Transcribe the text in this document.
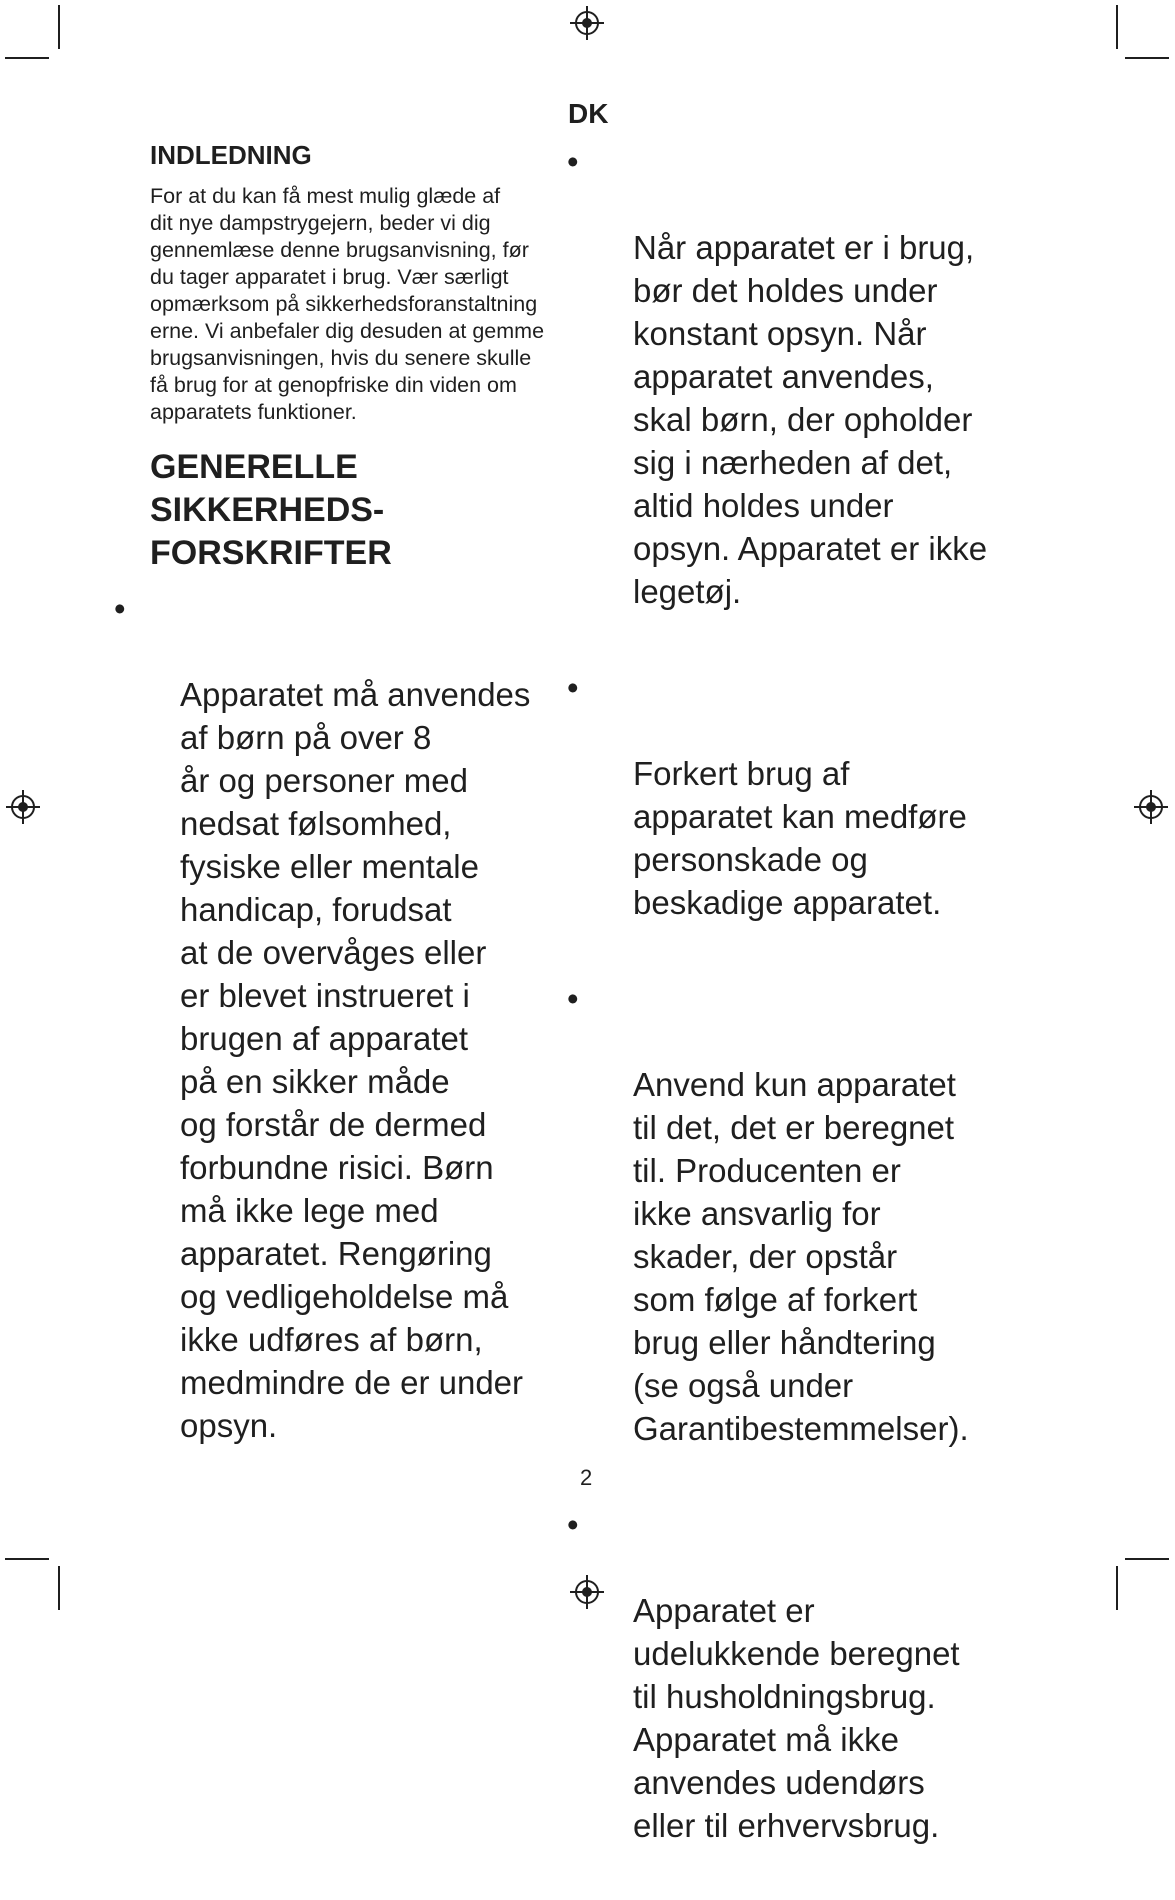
DK
INDLEDNING

For at du kan få mest mulig glæde af
dit nye dampstrygejern, beder vi dig
gennemlæse denne brugsanvisning, før
du tager apparatet i brug. Vær særligt
opmærksom på sikkerhedsforanstaltning
erne. Vi anbefaler dig desuden at gemme
brugsanvisningen, hvis du senere skulle
få brug for at genopfriske din viden om
apparatets funktioner.

GENERELLE
SIKKERHEDS-
FORSKRIFTER

•

Apparatet må anvendes
af børn på over 8
år og personer med
nedsat følsomhed,
fysiske eller mentale
handicap, forudsat
at de overvåges eller
er blevet instrueret i
brugen af apparatet
på en sikker måde
og forstår de dermed
forbundne risici. Børn
må ikke lege med
apparatet. Rengøring
og vedligeholdelse må
ikke udføres af børn,
medmindre de er under
opsyn.

•

Når apparatet er i brug,
bør det holdes under
konstant opsyn. Når
apparatet anvendes,
skal børn, der opholder
sig i nærheden af det,
altid holdes under
opsyn. Apparatet er ikke
legetøj.

•

Forkert brug af
apparatet kan medføre
personskade og
beskadige apparatet.

•

Anvend kun apparatet
til det, det er beregnet
til. Producenten er
ikke ansvarlig for
skader, der opstår
som følge af forkert
brug eller håndtering
(se også under
Garantibestemmelser).

•

Apparatet er
udelukkende beregnet
til husholdningsbrug.
Apparatet må ikke
anvendes udendørs
eller til erhvervsbrug.

2
